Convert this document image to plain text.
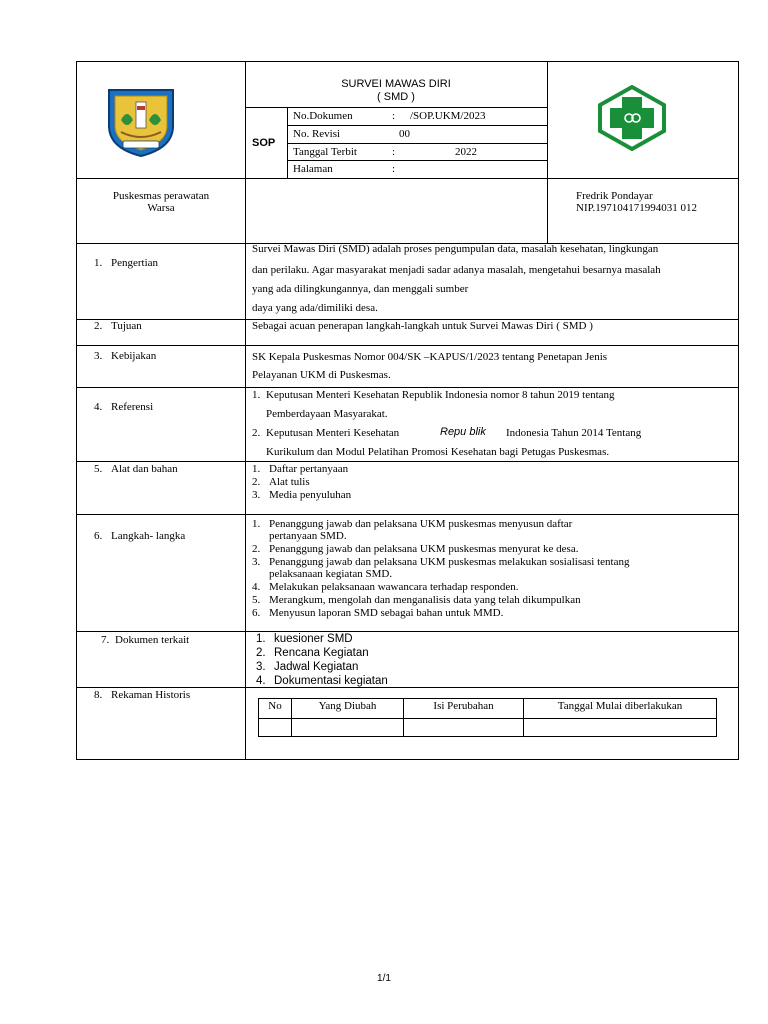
SURVEI MAWAS DIRI
( SMD )
SOP
No.Dokumen	: /SOP.UKM/2023
No. Revisi	00
Tanggal Terbit	:	2022
Halaman	:
Puskesmas perawatan
Warsa
Fredrik Pondayar
NIP.197104171994031 012
1. Pengertian
Survei Mawas Diri (SMD) adalah proses pengumpulan data, masalah kesehatan, lingkungan
dan perilaku. Agar masyarakat menjadi sadar adanya masalah, mengetahui besarnya masalah
yang ada dilingkungannya, dan menggali sumber
daya yang ada/dimiliki desa.
2. Tujuan	Sebagai acuan penerapan langkah-langkah untuk Survei Mawas Diri ( SMD )
3. Kebijakan	SK Kepala Puskesmas Nomor 004/SK –KAPUS/1/2023 tentang Penetapan Jenis
Pelayanan UKM di Puskesmas.
4. Referensi
1. Keputusan Menteri Kesehatan Republik Indonesia nomor 8 tahun 2019 tentang
Pemberdayaan Masyarakat.
2. Keputusan Menteri Kesehatan	Repu blik Indonesia Tahun 2014 Tentang
Kurikulum dan Modul Pelatihan Promosi Kesehatan bagi Petugas Puskesmas.
5. Alat dan bahan	1. Daftar pertanyaan
2. Alat tulis
3. Media penyuluhan
6. Langkah- langka
1. Penanggung jawab dan pelaksana UKM puskesmas menyusun daftar
pertanyaan SMD.
2. Penanggung jawab dan pelaksana UKM puskesmas menyurat ke desa.
3. Penanggung jawab dan pelaksana UKM puskesmas melakukan sosialisasi tentang
pelaksanaan kegiatan SMD.
4. Melakukan pelaksanaan wawancara terhadap responden.
5. Merangkum, mengolah dan menganalisis data yang telah dikumpulkan
6. Menyusun laporan SMD sebagai bahan untuk MMD.
7. Dokumen terkait	1. kuesioner SMD
2. Rencana Kegiatan
3. Jadwal Kegiatan
4. Dokumentasi kegiatan
8. Rekaman Historis
No	Yang Diubah	Isi Perubahan	Tanggal Mulai diberlakukan
1/1
